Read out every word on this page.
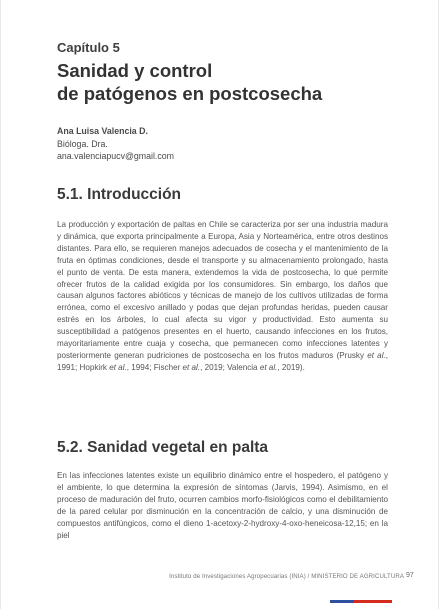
Capítulo 5
Sanidad y control
de patógenos en postcosecha
Ana Luisa Valencia D.
Bióloga. Dra.
ana.valenciapucv@gmail.com
5.1. Introducción

La producción y exportación de paltas en Chile se caracteriza por ser una industria madura y dinámica, que exporta principalmente a Europa, Asia y Norteamérica, entre otros destinos distantes. Para ello, se requieren manejos adecuados de cosecha y el mantenimiento de la fruta en óptimas condiciones, desde el transporte y su almacenamiento prolongado, hasta el punto de venta. De esta manera, extendemos la vida de postcosecha, lo que permite ofrecer frutos de la calidad exigida por los consumidores. Sin embargo, los daños que causan algunos factores abióticos y técnicas de manejo de los cultivos utilizadas de forma errónea, como el excesivo anillado y podas que dejan profundas heridas, pueden causar estrés en los árboles, lo cual afecta su vigor y productividad. Esto aumenta su susceptibilidad a patógenos presentes en el huerto, causando infecciones en los frutos, mayoritariamente entre cuaja y cosecha, que permanecen como infecciones latentes y posteriormente generan pudriciones de postcosecha en los frutos maduros (Prusky et al., 1991; Hopkirk et al., 1994; Fischer et al., 2019; Valencia et al., 2019).

5.2. Sanidad vegetal en palta

En las infecciones latentes existe un equilibrio dinámico entre el hospedero, el patógeno y el ambiente, lo que determina la expresión de síntomas (Jarvis, 1994). Asimismo, en el proceso de maduración del fruto, ocurren cambios morfo-fisiológicos como el debilitamiento de la pared celular por disminución en la concentración de calcio, y una disminución de compuestos antifúngicos, como el dieno 1-acetoxy-2-hydroxy-4-oxo-heneicosa-12,15; en la piel

Instituto de Investigaciones Agropecuarias (INIA) / MINISTERIO DE AGRICULTURA 97
